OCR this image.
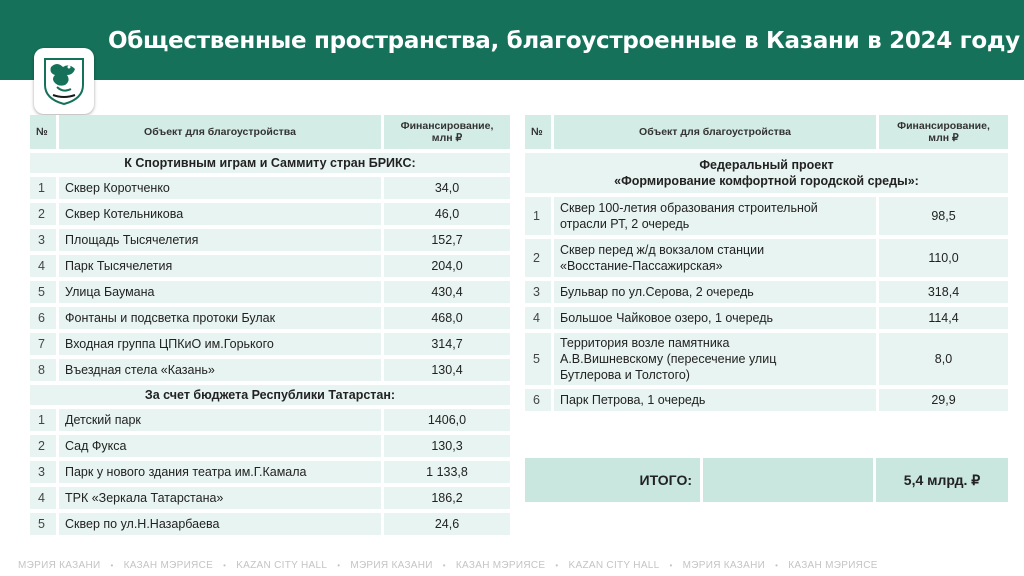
Общественные пространства, благоустроенные в Казани в 2024 году
№	Объект для благоустройства	Финансирование,
млн ₽
К Спортивным играм и Саммиту стран БРИКС:		
1	Сквер Коротченко	34,0
2	Сквер Котельникова	46,0
3	Площадь Тысячелетия	152,7
4	Парк Тысячелетия	204,0
5	Улица Баумана	430,4
6	Фонтаны и подсветка протоки Булак	468,0
7	Входная группа ЦПКиО им.Горького	314,7
8	Въездная стела «Казань»	130,4
За счет бюджета Республики Татарстан:		
1	Детский парк	1406,0
2	Сад Фукса	130,3
3	Парк у нового здания театра им.Г.Камала	1 133,8
4	ТРК «Зеркала Татарстана»	186,2
5	Сквер по ул.Н.Назарбаева	24,6
№	Объект для благоустройства	Финансирование,
млн ₽
Федеральный проект
«Формирование комфортной городской среды»:		
1	Сквер 100-летия образования строительной
отрасли РТ, 2 очередь	98,5
2	Сквер перед ж/д вокзалом станции
«Восстание-Пассажирская»	110,0
3	Бульвар по ул.Серова, 2 очередь	318,4
4	Большое Чайковое озеро, 1 очередь	114,4
5	Территория возле памятника
А.В.Вишневскому (пересечение улиц
Бутлерова и Толстого)	8,0
6	Парк Петрова, 1 очередь	29,9
ИТОГО:	5,4 млрд. ₽
МЭРИЯ КАЗАНИ • КАЗАН МЭРИЯСЕ • KAZAN CITY HALL • МЭРИЯ КАЗАНИ • КАЗАН МЭРИЯСЕ • KAZAN CITY HALL • МЭРИЯ КАЗАНИ • КАЗАН МЭРИЯСЕ
